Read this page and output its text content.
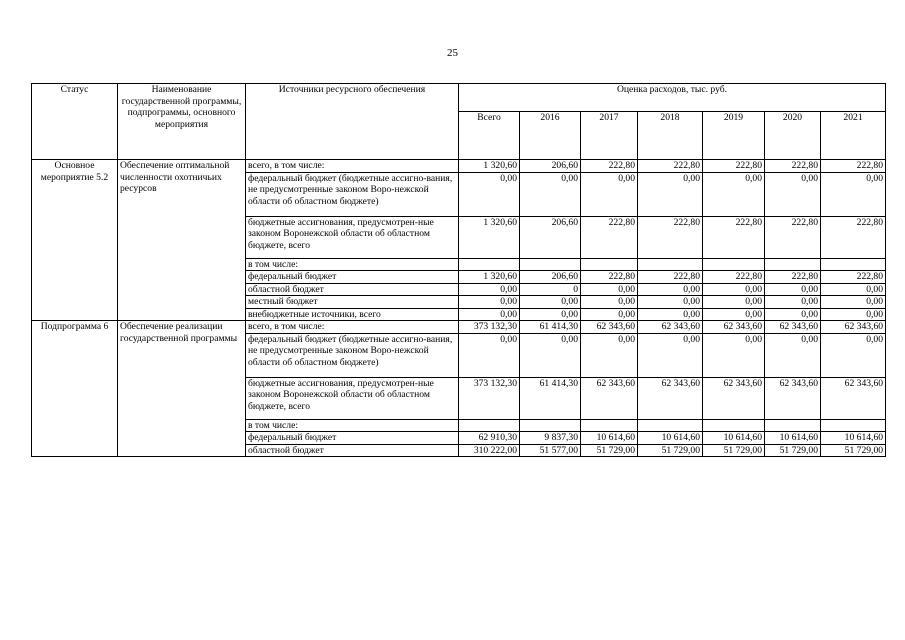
25
Статус	Наименование государственной программы, подпрограммы, основного мероприятия	Источники ресурсного обеспечения	Оценка расходов, тыс. руб.						
			Всего	2016	2017	2018	2019	2020	2021
Основное мероприятие 5.2	Обеспечение оптимальной численности охотничьих ресурсов	всего, в том числе:	1 320,60	206,60	222,80	222,80	222,80	222,80	222,80
		федеральный бюджет (бюджетные ассигно-вания, не предусмотренные законом Воро-нежской области об областном бюджете)	0,00	0,00	0,00	0,00	0,00	0,00	0,00
		бюджетные ассигнования, предусмотрен-ные законом Воронежской области об областном бюджете, всего	1 320,60	206,60	222,80	222,80	222,80	222,80	222,80
		в том числе:							
		федеральный бюджет	1 320,60	206,60	222,80	222,80	222,80	222,80	222,80
		областной бюджет	0,00	0	0,00	0,00	0,00	0,00	0,00
		местный бюджет	0,00	0,00	0,00	0,00	0,00	0,00	0,00
		внебюджетные источники, всего	0,00	0,00	0,00	0,00	0,00	0,00	0,00
Подпрограмма 6	Обеспечение реализации государственной программы	всего, в том числе:	373 132,30	61 414,30	62 343,60	62 343,60	62 343,60	62 343,60	62 343,60
		федеральный бюджет (бюджетные ассигно-вания, не предусмотренные законом Воро-нежской области об областном бюджете)	0,00	0,00	0,00	0,00	0,00	0,00	0,00
		бюджетные ассигнования, предусмотрен-ные законом Воронежской области об областном бюджете, всего	373 132,30	61 414,30	62 343,60	62 343,60	62 343,60	62 343,60	62 343,60
		в том числе:							
		федеральный бюджет	62 910,30	9 837,30	10 614,60	10 614,60	10 614,60	10 614,60	10 614,60
		областной бюджет	310 222,00	51 577,00	51 729,00	51 729,00	51 729,00	51 729,00	51 729,00
